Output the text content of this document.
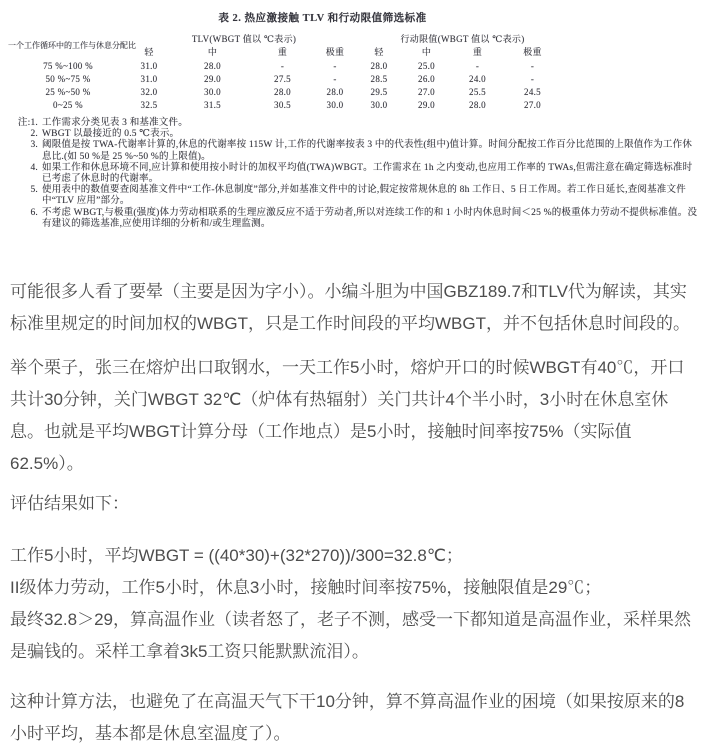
表 2. 热应激接触 TLV 和行动限值筛选标准
一个工作循环中的工作与休息分配比	TLV(WBGT 值以 ℃表示)				行动限值(WBGT 值以 ℃表示)			
	轻	中	重	极重	轻	中	重	极重
75 %~100 %	31.0	28.0	-	-	28.0	25.0	-	-
50 %~75 %	31.0	29.0	27.5	-	28.5	26.0	24.0	-
25 %~50 %	32.0	30.0	28.0	28.0	29.5	27.0	25.5	24.5
0~25 %	32.5	31.5	30.5	30.0	30.0	29.0	28.0	27.0
注:1. 工作需求分类见表 3 和基准文件。
2. WBGT 以最接近的 0.5 ℃表示。
3. 阈限值是按 TWA-代谢率计算的,休息的代谢率按 115W 计,工作的代谢率按表 3 中的代表性(组中)值计算。时间分配按工作百分比范围的上限值作为工作休息比.(如 50 %是 25 %~50 %的上限值)。
4. 如果工作和休息环境不同,应计算和使用按小时计的加权平均值(TWA)WBGT。工作需求在 1h 之内变动,也应用工作率的 TWAs,但需注意在确定筛选标准时已考虑了休息时的代谢率。
5. 使用表中的数值要查阅基准文件中“工作-休息制度”部分,并如基准文件中的讨论,假定按常规休息的 8h 工作日、5 日工作周。若工作日延长,查阅基准文件中“TLV 应用”部分。
6. 不考虑 WBGT,与极重(强度)体力劳动相联系的生理应激反应不适于劳动者,所以对连续工作的和 1 小时内休息时间＜25 %的极重体力劳动不提供标准值。没有建议的筛选基准,应使用详细的分析和/或生理监测。

可能很多人看了要晕（主要是因为字小）。小编斗胆为中国GBZ189.7和TLV代为解读，其实标准里规定的时间加权的WBGT，只是工作时间段的平均WBGT，并不包括休息时间段的。

举个栗子，张三在熔炉出口取钢水，一天工作5小时，熔炉开口的时候WBGT有40℃，开口共计30分钟，关门WBGT 32℃（炉体有热辐射）关门共计4个半小时，3小时在休息室休息。也就是平均WBGT计算分母（工作地点）是5小时，接触时间率按75%（实际值62.5%）。

评估结果如下：

工作5小时，平均WBGT = ((40*30)+(32*270))/300=32.8℃；

II级体力劳动，工作5小时，休息3小时，接触时间率按75%，接触限值是29℃；

最终32.8＞29，算高温作业（读者怒了，老子不测，感受一下都知道是高温作业，采样果然是骗钱的。采样工拿着3k5工资只能默默流泪）。

这种计算方法，也避免了在高温天气下干10分钟，算不算高温作业的困境（如果按原来的8小时平均，基本都是休息室温度了）。
